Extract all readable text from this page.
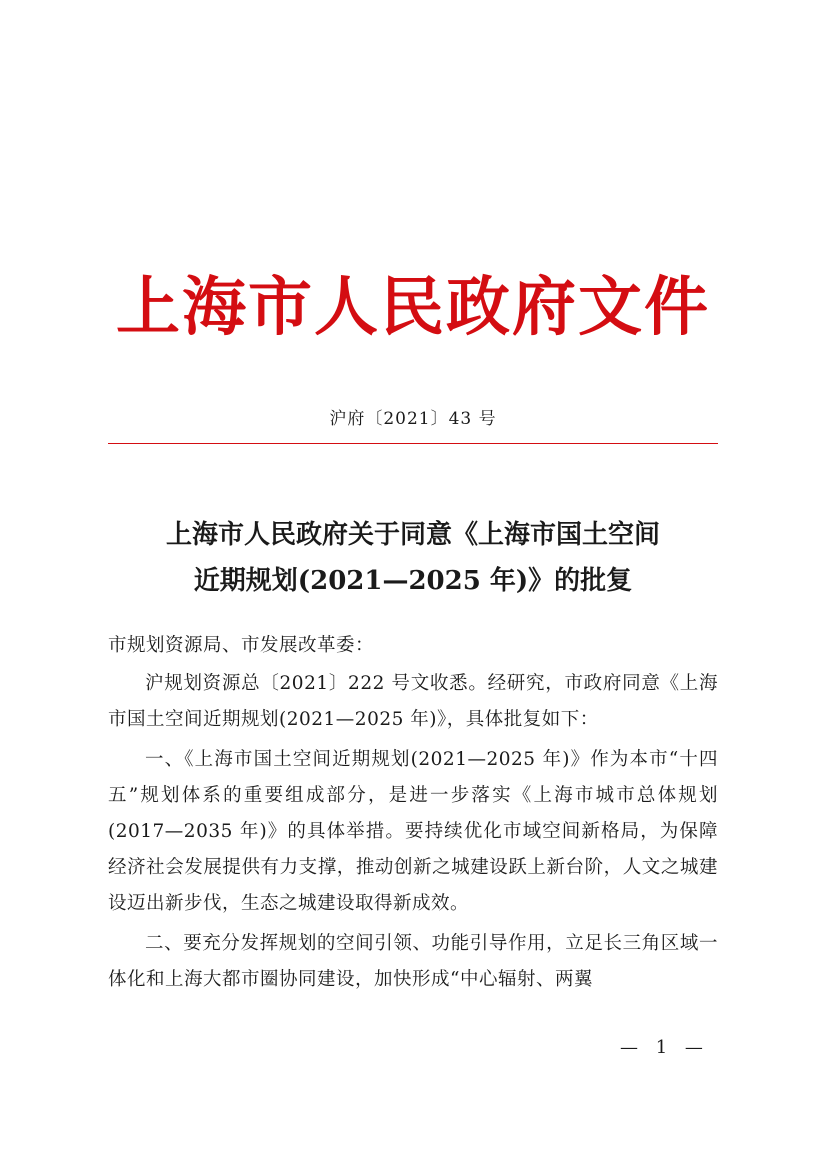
上海市人民政府文件
沪府〔2021〕43 号
上海市人民政府关于同意《上海市国土空间
近期规划(2021—2025 年)》的批复

市规划资源局、市发展改革委：

沪规划资源总〔2021〕222 号文收悉。经研究，市政府同意《上海市国土空间近期规划(2021—2025 年)》，具体批复如下：

一、《上海市国土空间近期规划(2021—2025 年)》作为本市“十四五”规划体系的重要组成部分，是进一步落实《上海市城市总体规划(2017—2035 年)》的具体举措。要持续优化市域空间新格局，为保障经济社会发展提供有力支撑，推动创新之城建设跃上新台阶，人文之城建设迈出新步伐，生态之城建设取得新成效。

二、要充分发挥规划的空间引领、功能引导作用，立足长三角区域一体化和上海大都市圈协同建设，加快形成“中心辐射、两翼

— 1 —
